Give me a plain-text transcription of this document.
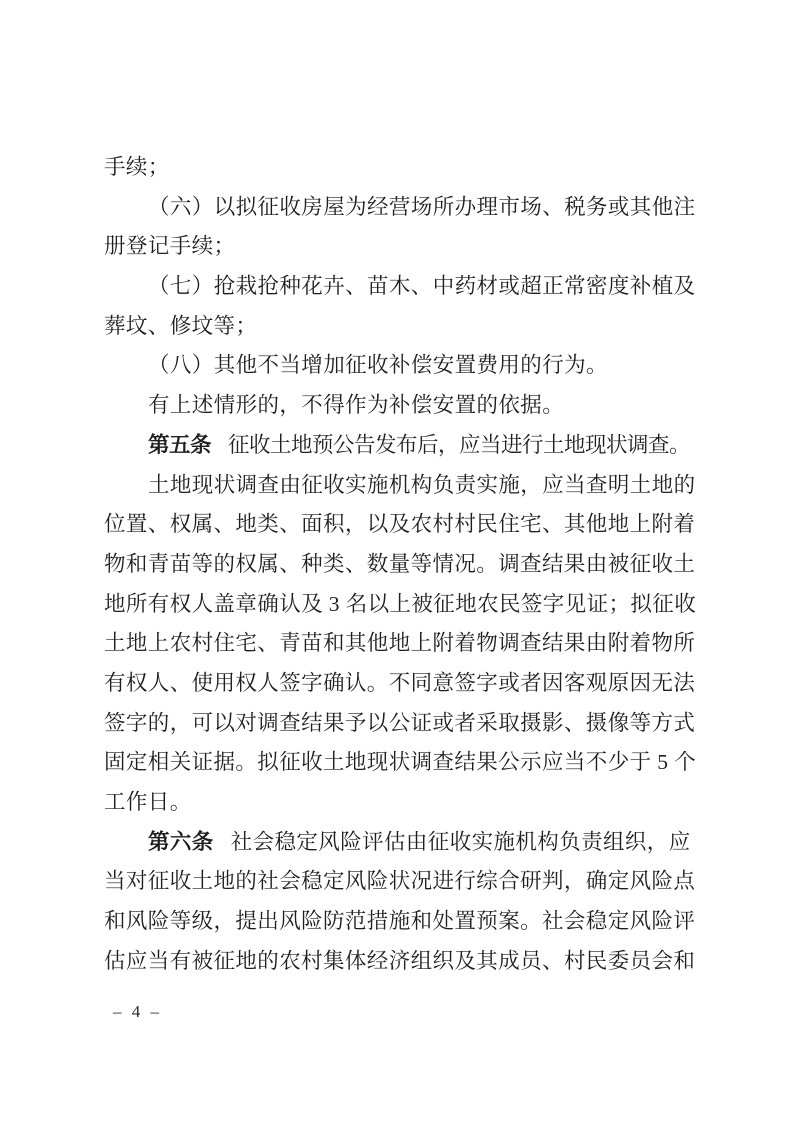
手续；
（六）以拟征收房屋为经营场所办理市场、税务或其他注
册登记手续；
（七）抢栽抢种花卉、苗木、中药材或超正常密度补植及
葬坟、修坟等；
（八）其他不当增加征收补偿安置费用的行为。
有上述情形的，不得作为补偿安置的依据。
第五条 征收土地预公告发布后，应当进行土地现状调查。
土地现状调查由征收实施机构负责实施，应当查明土地的
位置、权属、地类、面积，以及农村村民住宅、其他地上附着
物和青苗等的权属、种类、数量等情况。调查结果由被征收土
地所有权人盖章确认及 3 名以上被征地农民签字见证；拟征收
土地上农村住宅、青苗和其他地上附着物调查结果由附着物所
有权人、使用权人签字确认。不同意签字或者因客观原因无法
签字的，可以对调查结果予以公证或者采取摄影、摄像等方式
固定相关证据。拟征收土地现状调查结果公示应当不少于 5 个
工作日。
第六条 社会稳定风险评估由征收实施机构负责组织，应
当对征收土地的社会稳定风险状况进行综合研判，确定风险点
和风险等级，提出风险防范措施和处置预案。社会稳定风险评
估应当有被征地的农村集体经济组织及其成员、村民委员会和
– 4 –
